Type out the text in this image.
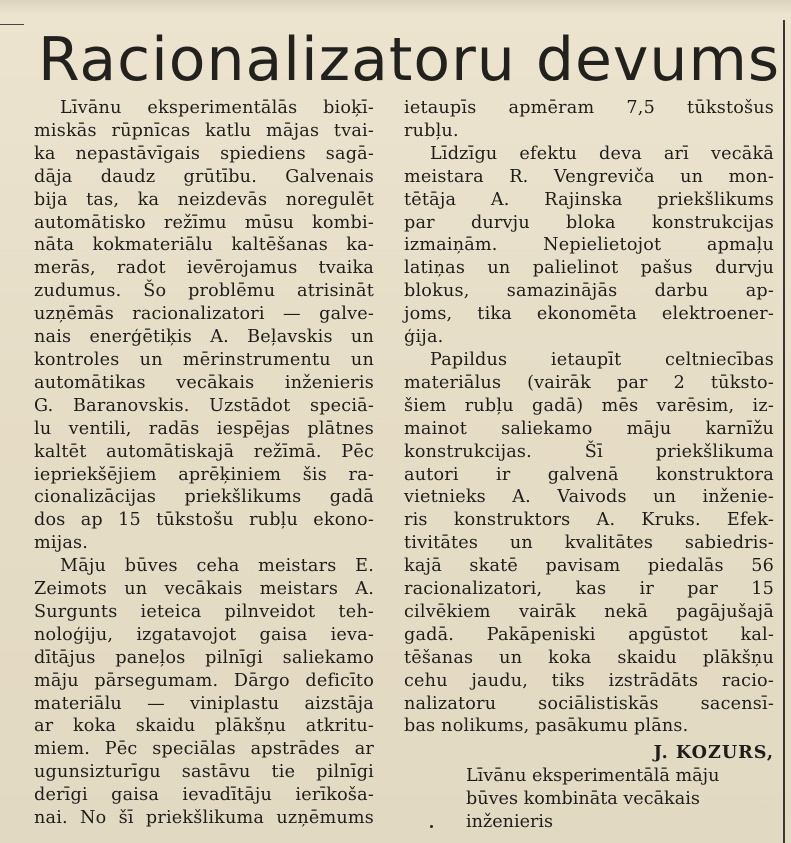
Racionalizatoru devums

Līvānu eksperimentālās bioķī-

miskās rūpnīcas katlu mājas tvai-

ka nepastāvīgais spiediens sagā-

dāja daudz grūtību. Galvenais

bija tas, ka neizdevās noregulēt

automātisko režīmu mūsu kombi-

nāta kokmateriālu kaltēšanas ka-

merās, radot ievērojamus tvaika

zudumus. Šo problēmu atrisināt

uzņēmās racionalizatori — galve-

nais enerģētiķis A. Beļavskis un

kontroles un mērinstrumentu un

automātikas vecākais inženieris

G. Baranovskis. Uzstādot speciā-

lu ventili, radās iespējas plātnes

kaltēt automātiskajā režīmā. Pēc

iepriekšējiem aprēķiniem šis ra-

cionalizācijas priekšlikums gadā

dos ap 15 tūkstošu rubļu ekono-

mijas.

Māju būves ceha meistars E.

Zeimots un vecākais meistars A.

Surgunts ieteica pilnveidot teh-

noloģiju, izgatavojot gaisa ieva-

dītājus paneļos pilnīgi saliekamo

māju pārsegumam. Dārgo deficīto

materiālu — viniplastu aizstāja

ar koka skaidu plākšņu atkritu-

miem. Pēc speciālas apstrādes ar

ugunsizturīgu sastāvu tie pilnīgi

derīgi gaisa ievadītāju ierīkoša-

nai. No šī priekšlikuma uzņēmums

ietaupīs apmēram 7,5 tūkstošus

rubļu.

Līdzīgu efektu deva arī vecākā

meistara R. Vengreviča un mon-

tētāja A. Rajinska priekšlikums

par durvju bloka konstrukcijas

izmaiņām. Nepielietojot apmaļu

latiņas un palielinot pašus durvju

blokus, samazinājās darbu ap-

joms, tika ekonomēta elektroener-

ģija.

Papildus ietaupīt celtniecības

materiālus (vairāk par 2 tūksto-

šiem rubļu gadā) mēs varēsim, iz-

mainot saliekamo māju karnīžu

konstrukcijas. Šī priekšlikuma

autori ir galvenā konstruktora

vietnieks A. Vaivods un inženie-

ris konstruktors A. Kruks. Efek-

tivitātes un kvalitātes sabiedris-

kajā skatē pavisam piedalās 56

racionalizatori, kas ir par 15

cilvēkiem vairāk nekā pagājušajā

gadā. Pakāpeniski apgūstot kal-

tēšanas un koka skaidu plākšņu

cehu jaudu, tiks izstrādāts racio-

nalizatoru sociālistiskās sacensī-

bas nolikums, pasākumu plāns.

J. KOZURS,

Līvānu eksperimentālā māju

būves kombināta vecākais

inženieris
